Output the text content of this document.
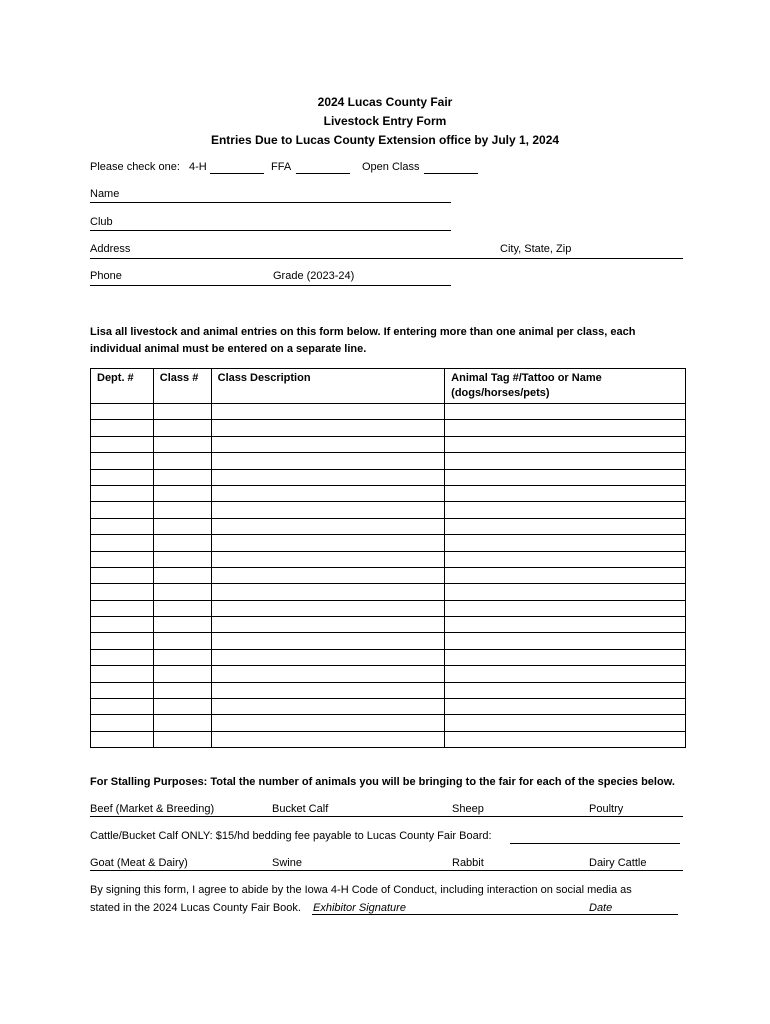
2024 Lucas County Fair
Livestock Entry Form
Entries Due to Lucas County Extension office by July 1, 2024
Please check one: 4-H	FFA	Open Class
Name
Club
Address	City, State, Zip
Phone	Grade (2023-24)
Lisa all livestock and animal entries on this form below. If entering more than one animal per class, each
individual animal must be entered on a separate line.
Dept. #	Class #	Class Description	Animal Tag #/Tattoo or Name
(dogs/horses/pets)

For Stalling Purposes: Total the number of animals you will be bringing to the fair for each of the species below.
Beef (Market & Breeding)	Bucket Calf	Sheep	Poultry
Cattle/Bucket Calf ONLY: $15/hd bedding fee payable to Lucas County Fair Board:
Goat (Meat & Dairy)	Swine	Rabbit	Dairy Cattle
By signing this form, I agree to abide by the Iowa 4-H Code of Conduct, including interaction on social media as
stated in the 2024 Lucas County Fair Book. Exhibitor Signature	Date
